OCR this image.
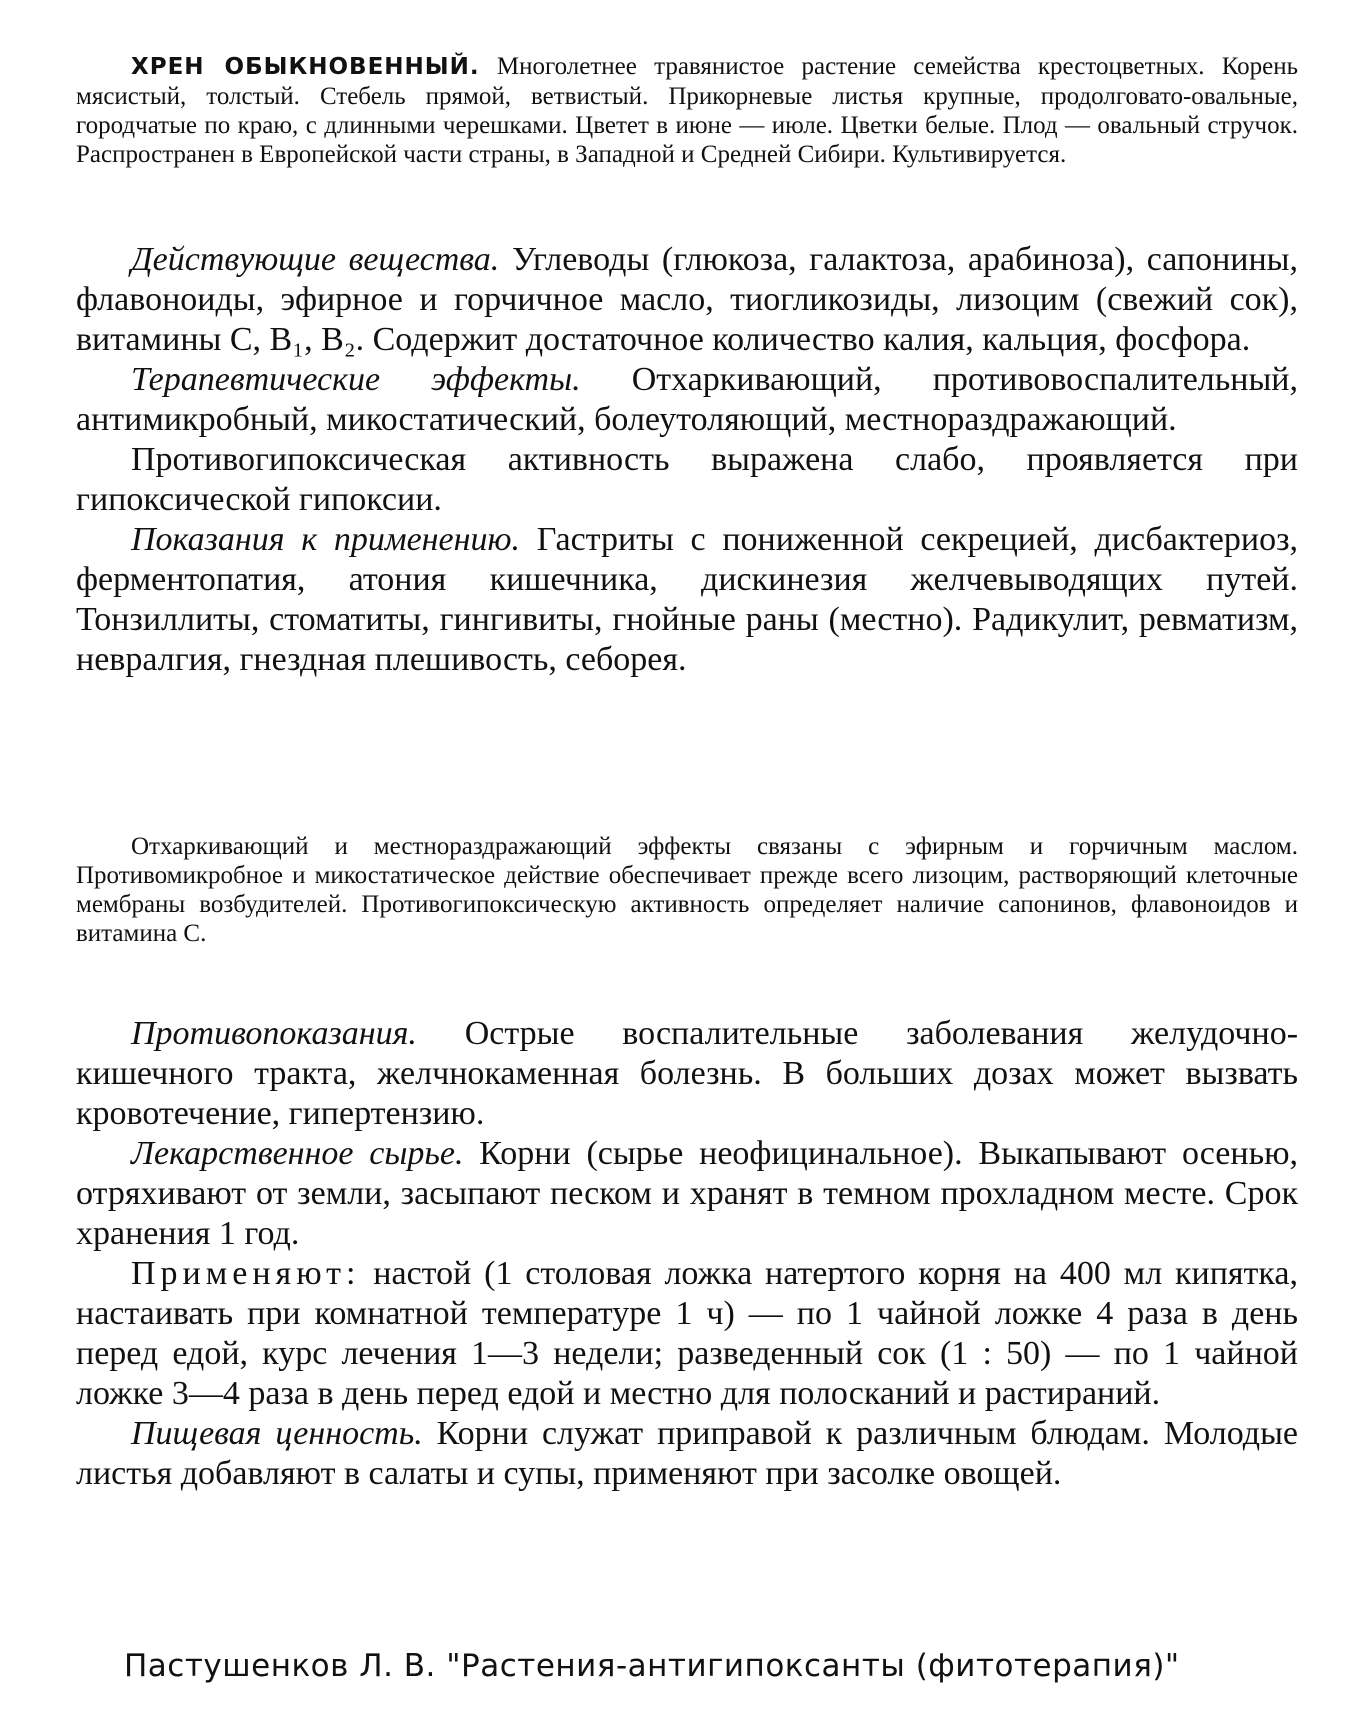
ХРЕН ОБЫКНОВЕННЫЙ. Многолетнее травянистое растение семейства крестоцветных. Корень мясистый, толстый. Стебель прямой, ветвистый. Прикорневые листья крупные, продолговато-овальные, городчатые по краю, с длинными черешками. Цветет в июне — июле. Цветки белые. Плод — овальный стручок. Распространен в Европейской части страны, в Западной и Средней Сибири. Культивируется.

Действующие вещества. Углеводы (глюкоза, галактоза, арабиноза), сапонины, флавоноиды, эфирное и горчичное масло, тиогликозиды, лизоцим (свежий сок), витамины C, B₁, B₂. Содержит достаточное количество калия, кальция, фосфора.

Терапевтические эффекты. Отхаркивающий, противовоспалительный, антимикробный, микостатический, болеутоляющий, местнораздражающий.

Противогипоксическая активность выражена слабо, проявляется при гипоксической гипоксии.

Показания к применению. Гастриты с пониженной секрецией, дисбактериоз, ферментопатия, атония кишечника, дискинезия желчевыводящих путей. Тонзиллиты, стоматиты, гингивиты, гнойные раны (местно). Радикулит, ревматизм, невралгия, гнездная плешивость, себорея.

Отхаркивающий и местнораздражающий эффекты связаны с эфирным и горчичным маслом. Противомикробное и микостатическое действие обеспечивает прежде всего лизоцим, растворяющий клеточные мембраны возбудителей. Противогипоксическую активность определяет наличие сапонинов, флавоноидов и витамина C.

Противопоказания. Острые воспалительные заболевания желудочно-кишечного тракта, желчнокаменная болезнь. В больших дозах может вызвать кровотечение, гипертензию.

Лекарственное сырье. Корни (сырье неофицинальное). Выкапывают осенью, отряхивают от земли, засыпают песком и хранят в темном прохладном месте. Срок хранения 1 год.

Применяют: настой (1 столовая ложка натертого корня на 400 мл кипятка, настаивать при комнатной температуре 1 ч) — по 1 чайной ложке 4 раза в день перед едой, курс лечения 1—3 недели; разведенный сок (1 : 50) — по 1 чайной ложке 3—4 раза в день перед едой и местно для полосканий и растираний.

Пищевая ценность. Корни служат приправой к различным блюдам. Молодые листья добавляют в салаты и супы, применяют при засолке овощей.

Пастушенков Л. В. "Растения-антигипоксанты (фитотерапия)"
